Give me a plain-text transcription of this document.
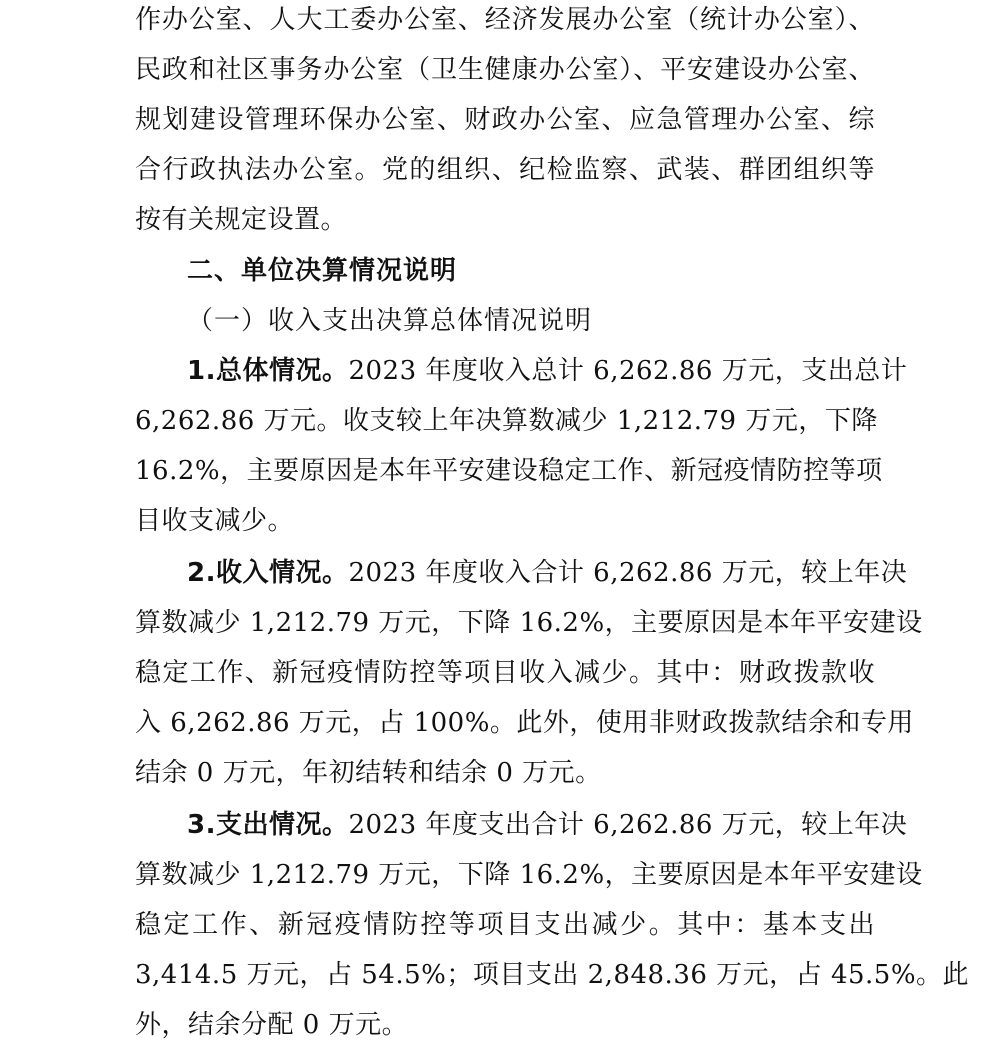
作办公室、人大工委办公室、经济发展办公室（统计办公室）、
民政和社区事务办公室（卫生健康办公室）、平安建设办公室、
规划建设管理环保办公室、财政办公室、应急管理办公室、综
合行政执法办公室。党的组织、纪检监察、武装、群团组织等
按有关规定设置。
二、单位决算情况说明
（一）收入支出决算总体情况说明
1.总体情况。2023 年度收入总计 6,262.86 万元，支出总计
6,262.86 万元。收支较上年决算数减少 1,212.79 万元，下降
16.2%，主要原因是本年平安建设稳定工作、新冠疫情防控等项
目收支减少。
2.收入情况。2023 年度收入合计 6,262.86 万元，较上年决
算数减少 1,212.79 万元，下降 16.2%，主要原因是本年平安建设
稳定工作、新冠疫情防控等项目收入减少。其中：财政拨款收
入 6,262.86 万元，占 100%。此外，使用非财政拨款结余和专用
结余 0 万元，年初结转和结余 0 万元。
3.支出情况。2023 年度支出合计 6,262.86 万元，较上年决
算数减少 1,212.79 万元，下降 16.2%，主要原因是本年平安建设
稳定工作、新冠疫情防控等项目支出减少。其中：基本支出
3,414.5 万元，占 54.5%；项目支出 2,848.36 万元，占 45.5%。此
外，结余分配 0 万元。
